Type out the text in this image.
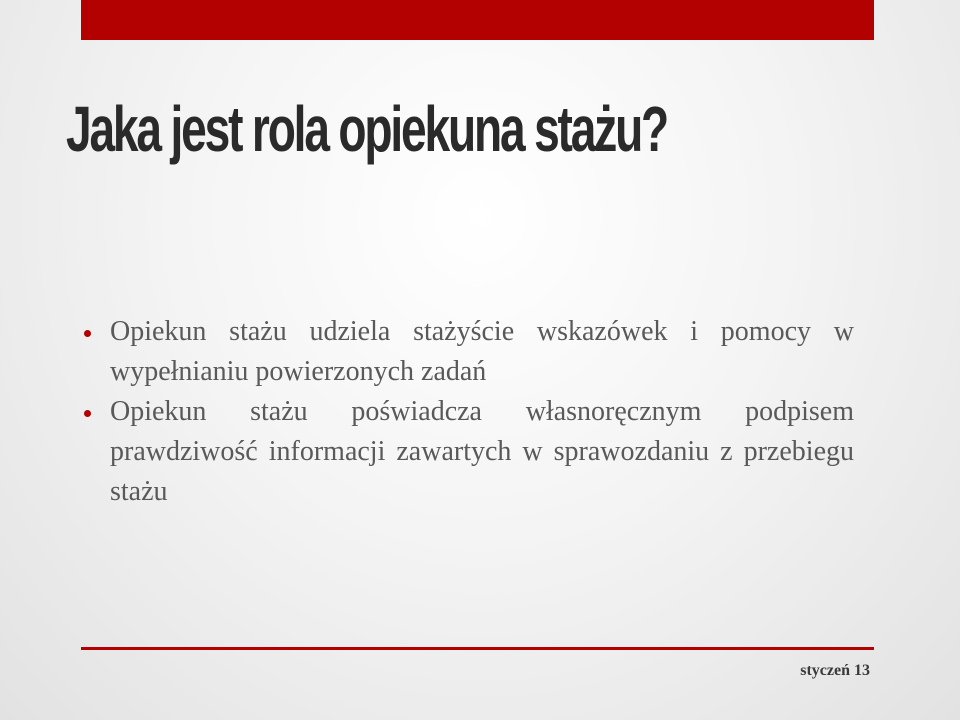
Jaka jest rola opiekuna stażu?
Opiekun stażu udziela stażyście wskazówek i pomocy w wypełnianiu powierzonych zadań
Opiekun stażu poświadcza własnoręcznym podpisem prawdziwość informacji zawartych w sprawozdaniu z przebiegu stażu
styczeń 13
